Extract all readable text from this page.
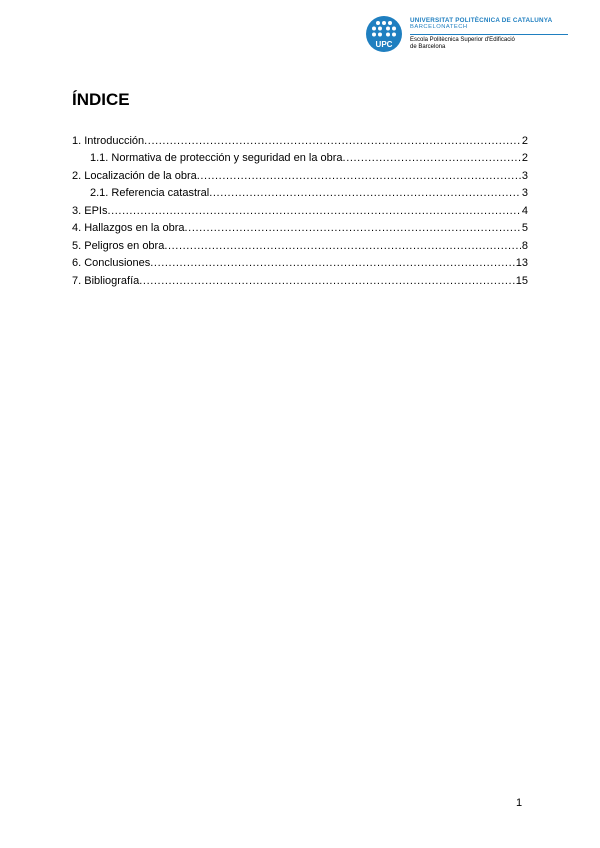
UPC
UNIVERSITAT POLITÈCNICA DE CATALUNYA
BARCELONATECH
Escola Politècnica Superior d'Edificació
de Barcelona
ÍNDICE
1. Introducción .....	2
1.1. Normativa de protección y seguridad en la obra .....	2
2. Localización de la obra .....	3
2.1. Referencia catastral .....	3
3. EPIs .....	4
4. Hallazgos en la obra .....	5
5. Peligros en obra .....	8
6. Conclusiones .....	13
7. Bibliografía .....	15
1
